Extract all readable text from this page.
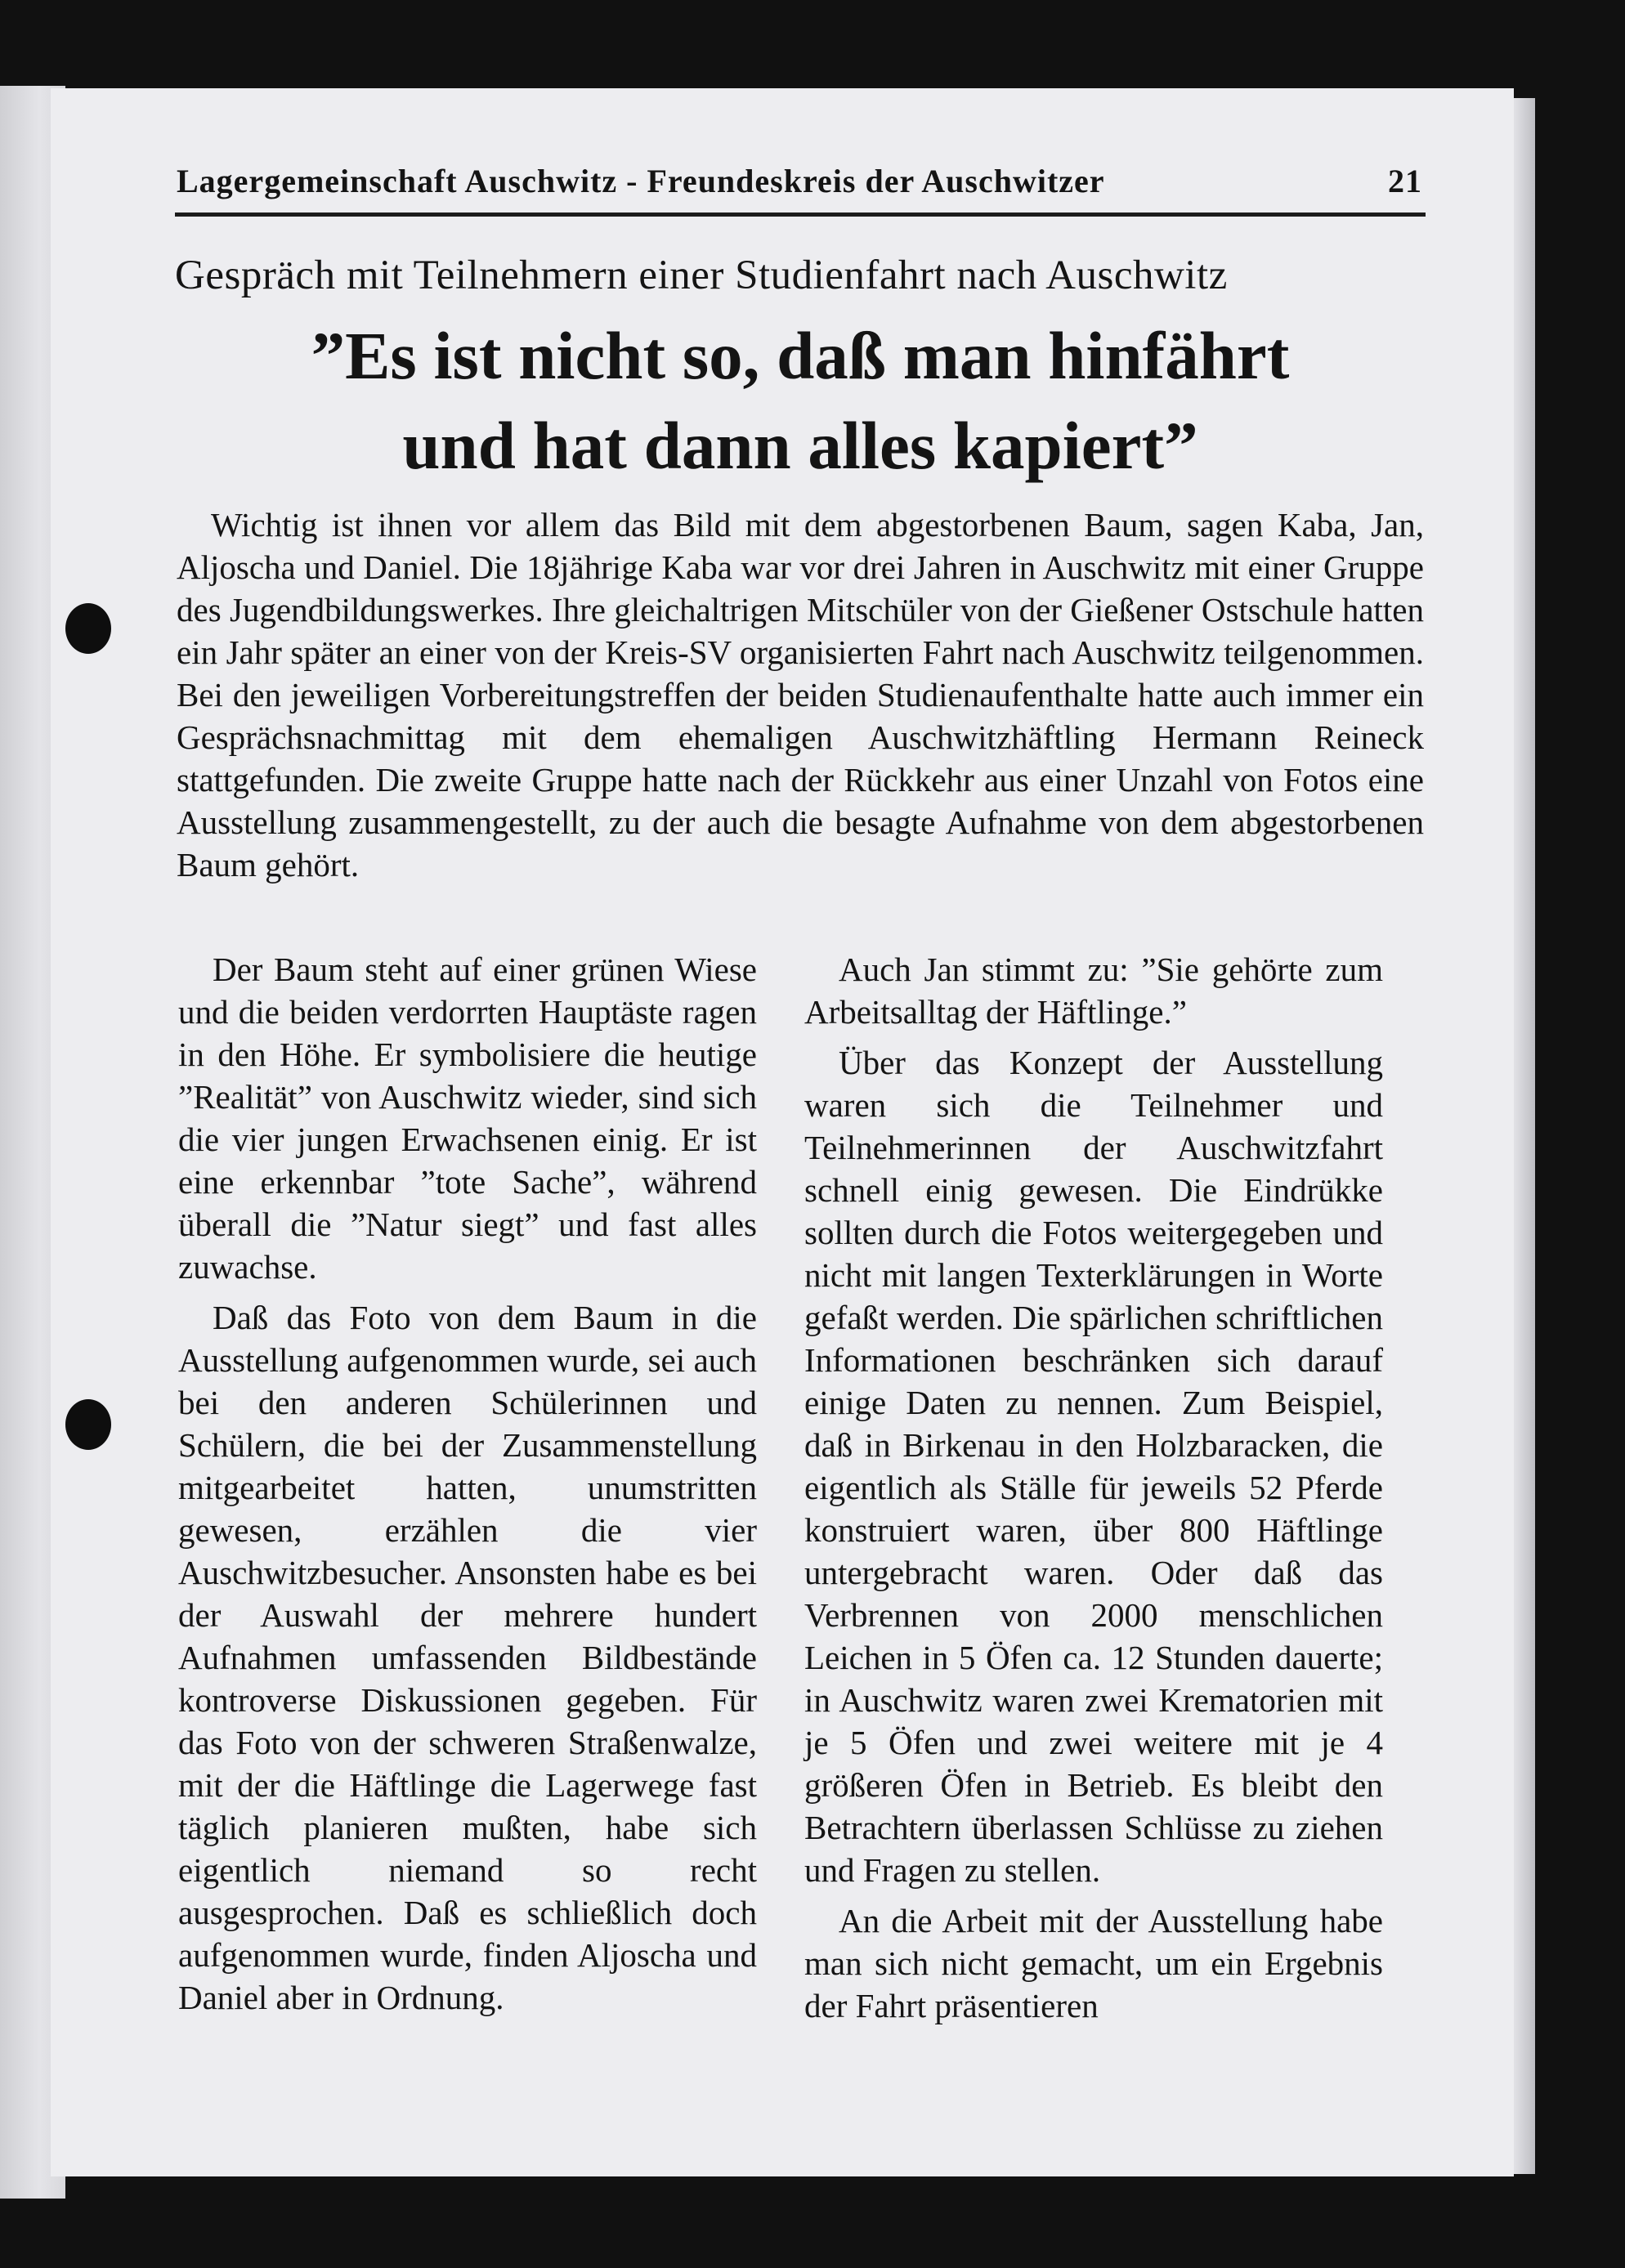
Lagergemeinschaft Auschwitz - Freundeskreis der Auschwitzer	21
Gespräch mit Teilnehmern einer Studienfahrt nach Auschwitz
”Es ist nicht so, daß man hinfährt
und hat dann alles kapiert”

Wichtig ist ihnen vor allem das Bild mit dem abgestorbenen Baum, sagen Kaba, Jan, Aljoscha und Daniel. Die 18jährige Kaba war vor drei Jahren in Auschwitz mit einer Gruppe des Jugendbildungswerkes. Ihre gleichaltrigen Mitschüler von der Gießener Ostschule hatten ein Jahr später an einer von der Kreis-SV organisierten Fahrt nach Auschwitz teilgenommen. Bei den jeweiligen Vorbereitungstreffen der beiden Studienaufenthalte hatte auch immer ein Gesprächsnachmittag mit dem ehemaligen Auschwitzhäftling Hermann Reineck stattgefunden. Die zweite Gruppe hatte nach der Rückkehr aus einer Unzahl von Fotos eine Ausstellung zusammengestellt, zu der auch die besagte Aufnahme von dem abgestorbenen Baum gehört.

Der Baum steht auf einer grünen Wiese und die beiden verdorrten Hauptäste ragen in den Höhe. Er symbolisiere die heutige ”Realität” von Auschwitz wieder, sind sich die vier jungen Erwachsenen einig. Er ist eine erkennbar ”tote Sache”, während überall die ”Natur siegt” und fast alles zuwachse.

Daß das Foto von dem Baum in die Ausstellung aufgenommen wurde, sei auch bei den anderen Schülerinnen und Schülern, die bei der Zusammenstellung mitgearbeitet hatten, unumstritten gewesen, erzählen die vier Auschwitzbesucher. Ansonsten habe es bei der Auswahl der mehrere hundert Aufnahmen umfassenden Bildbestände kontroverse Diskussionen gegeben. Für das Foto von der schweren Straßenwalze, mit der die Häftlinge die Lagerwege fast täglich planieren mußten, habe sich eigentlich niemand so recht ausgesprochen. Daß es schließlich doch aufgenommen wurde, finden Aljoscha und Daniel aber in Ordnung.

Auch Jan stimmt zu: ”Sie gehörte zum Arbeitsalltag der Häftlinge.”

Über das Konzept der Ausstellung waren sich die Teilnehmer und Teilnehmerinnen der Auschwitzfahrt schnell einig gewesen. Die Eindrükke sollten durch die Fotos weitergegeben und nicht mit langen Texterklärungen in Worte gefaßt werden. Die spärlichen schriftlichen Informationen beschränken sich darauf einige Daten zu nennen. Zum Beispiel, daß in Birkenau in den Holzbaracken, die eigentlich als Ställe für jeweils 52 Pferde konstruiert waren, über 800 Häftlinge untergebracht waren. Oder daß das Verbrennen von 2000 menschlichen Leichen in 5 Öfen ca. 12 Stunden dauerte; in Auschwitz waren zwei Krematorien mit je 5 Öfen und zwei weitere mit je 4 größeren Öfen in Betrieb. Es bleibt den Betrachtern überlassen Schlüsse zu ziehen und Fragen zu stellen.

An die Arbeit mit der Ausstellung habe man sich nicht gemacht, um ein Ergebnis der Fahrt präsentieren
